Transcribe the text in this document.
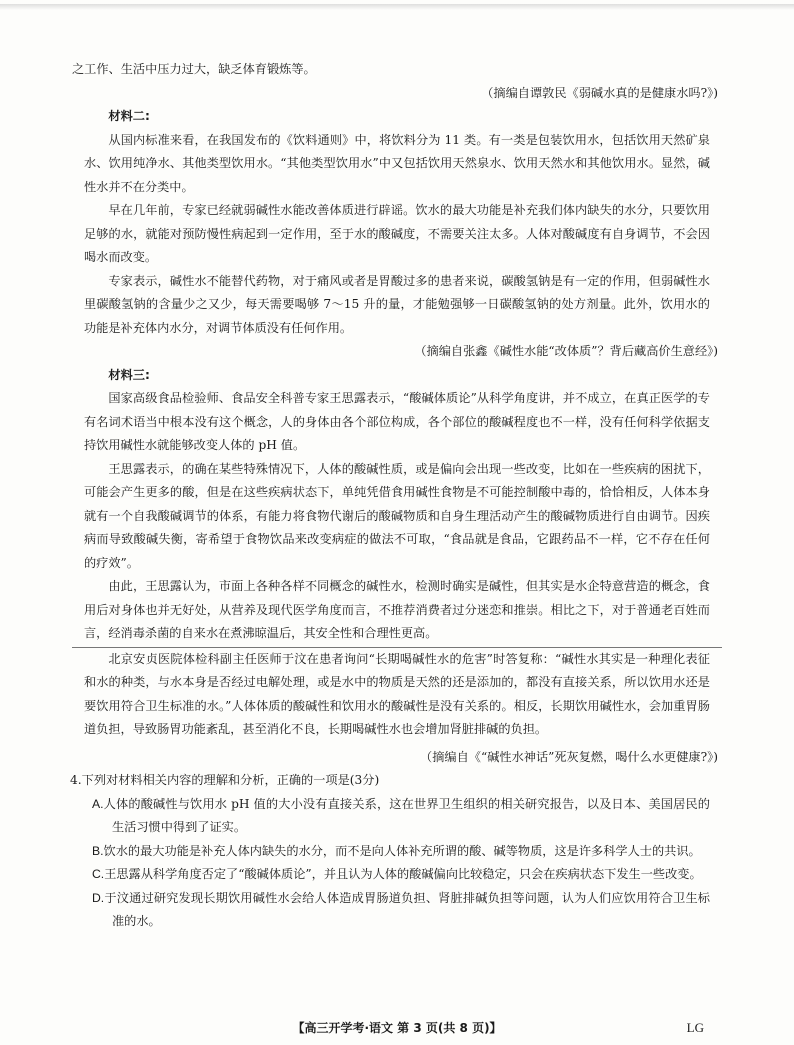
之工作、生活中压力过大，缺乏体育锻炼等。

（摘编自谭敦民《弱碱水真的是健康水吗?》)

材料二:

从国内标准来看，在我国发布的《饮料通则》中，将饮料分为 11 类。有一类是包装饮用水，包括饮用天然矿泉水、饮用纯净水、其他类型饮用水。“其他类型饮用水”中又包括饮用天然泉水、饮用天然水和其他饮用水。显然，碱性水并不在分类中。

早在几年前，专家已经就弱碱性水能改善体质进行辟谣。饮水的最大功能是补充我们体内缺失的水分，只要饮用足够的水，就能对预防慢性病起到一定作用，至于水的酸碱度，不需要关注太多。人体对酸碱度有自身调节，不会因喝水而改变。

专家表示，碱性水不能替代药物，对于痛风或者是胃酸过多的患者来说，碳酸氢钠是有一定的作用，但弱碱性水里碳酸氢钠的含量少之又少，每天需要喝够 7～15 升的量，才能勉强够一日碳酸氢钠的处方剂量。此外，饮用水的功能是补充体内水分，对调节体质没有任何作用。

（摘编自张鑫《碱性水能“改体质”？背后藏高价生意经》)

材料三:

国家高级食品检验师、食品安全科普专家王思露表示，“酸碱体质论”从科学角度讲，并不成立，在真正医学的专有名词术语当中根本没有这个概念，人的身体由各个部位构成，各个部位的酸碱程度也不一样，没有任何科学依据支持饮用碱性水就能够改变人体的 pH 值。

王思露表示，的确在某些特殊情况下，人体的酸碱性质，或是偏向会出现一些改变，比如在一些疾病的困扰下，可能会产生更多的酸，但是在这些疾病状态下，单纯凭借食用碱性食物是不可能控制酸中毒的，恰恰相反，人体本身就有一个自我酸碱调节的体系，有能力将食物代谢后的酸碱物质和自身生理活动产生的酸碱物质进行自由调节。因疾病而导致酸碱失衡，寄希望于食物饮品来改变病症的做法不可取，“食品就是食品，它跟药品不一样，它不存在任何的疗效”。

由此，王思露认为，市面上各种各样不同概念的碱性水，检测时确实是碱性，但其实是水企特意营造的概念，食用后对身体也并无好处，从营养及现代医学角度而言，不推荐消费者过分迷恋和推崇。相比之下，对于普通老百姓而言，经消毒杀菌的自来水在煮沸晾温后，其安全性和合理性更高。

北京安贞医院体检科副主任医师于汶在患者询问“长期喝碱性水的危害”时答复称：“碱性水其实是一种理化表征和水的种类，与水本身是否经过电解处理，或是水中的物质是天然的还是添加的，都没有直接关系，所以饮用水还是要饮用符合卫生标准的水。”人体体质的酸碱性和饮用水的酸碱性是没有关系的。相反，长期饮用碱性水，会加重胃肠道负担，导致肠胃功能紊乱，甚至消化不良，长期喝碱性水也会增加肾脏排碱的负担。

（摘编自《“碱性水神话”死灰复燃，喝什么水更健康?》)

4.下列对材料相关内容的理解和分析，正确的一项是(3分)

A.人体的酸碱性与饮用水 pH 值的大小没有直接关系，这在世界卫生组织的相关研究报告，以及日本、美国居民的生活习惯中得到了证实。

B.饮水的最大功能是补充人体内缺失的水分，而不是向人体补充所谓的酸、碱等物质，这是许多科学人士的共识。

C.王思露从科学角度否定了“酸碱体质论”，并且认为人体的酸碱偏向比较稳定，只会在疾病状态下发生一些改变。

D.于汶通过研究发现长期饮用碱性水会给人体造成胃肠道负担、肾脏排碱负担等问题，认为人们应饮用符合卫生标准的水。

【高三开学考·语文 第 3 页(共 8 页)】	LG
